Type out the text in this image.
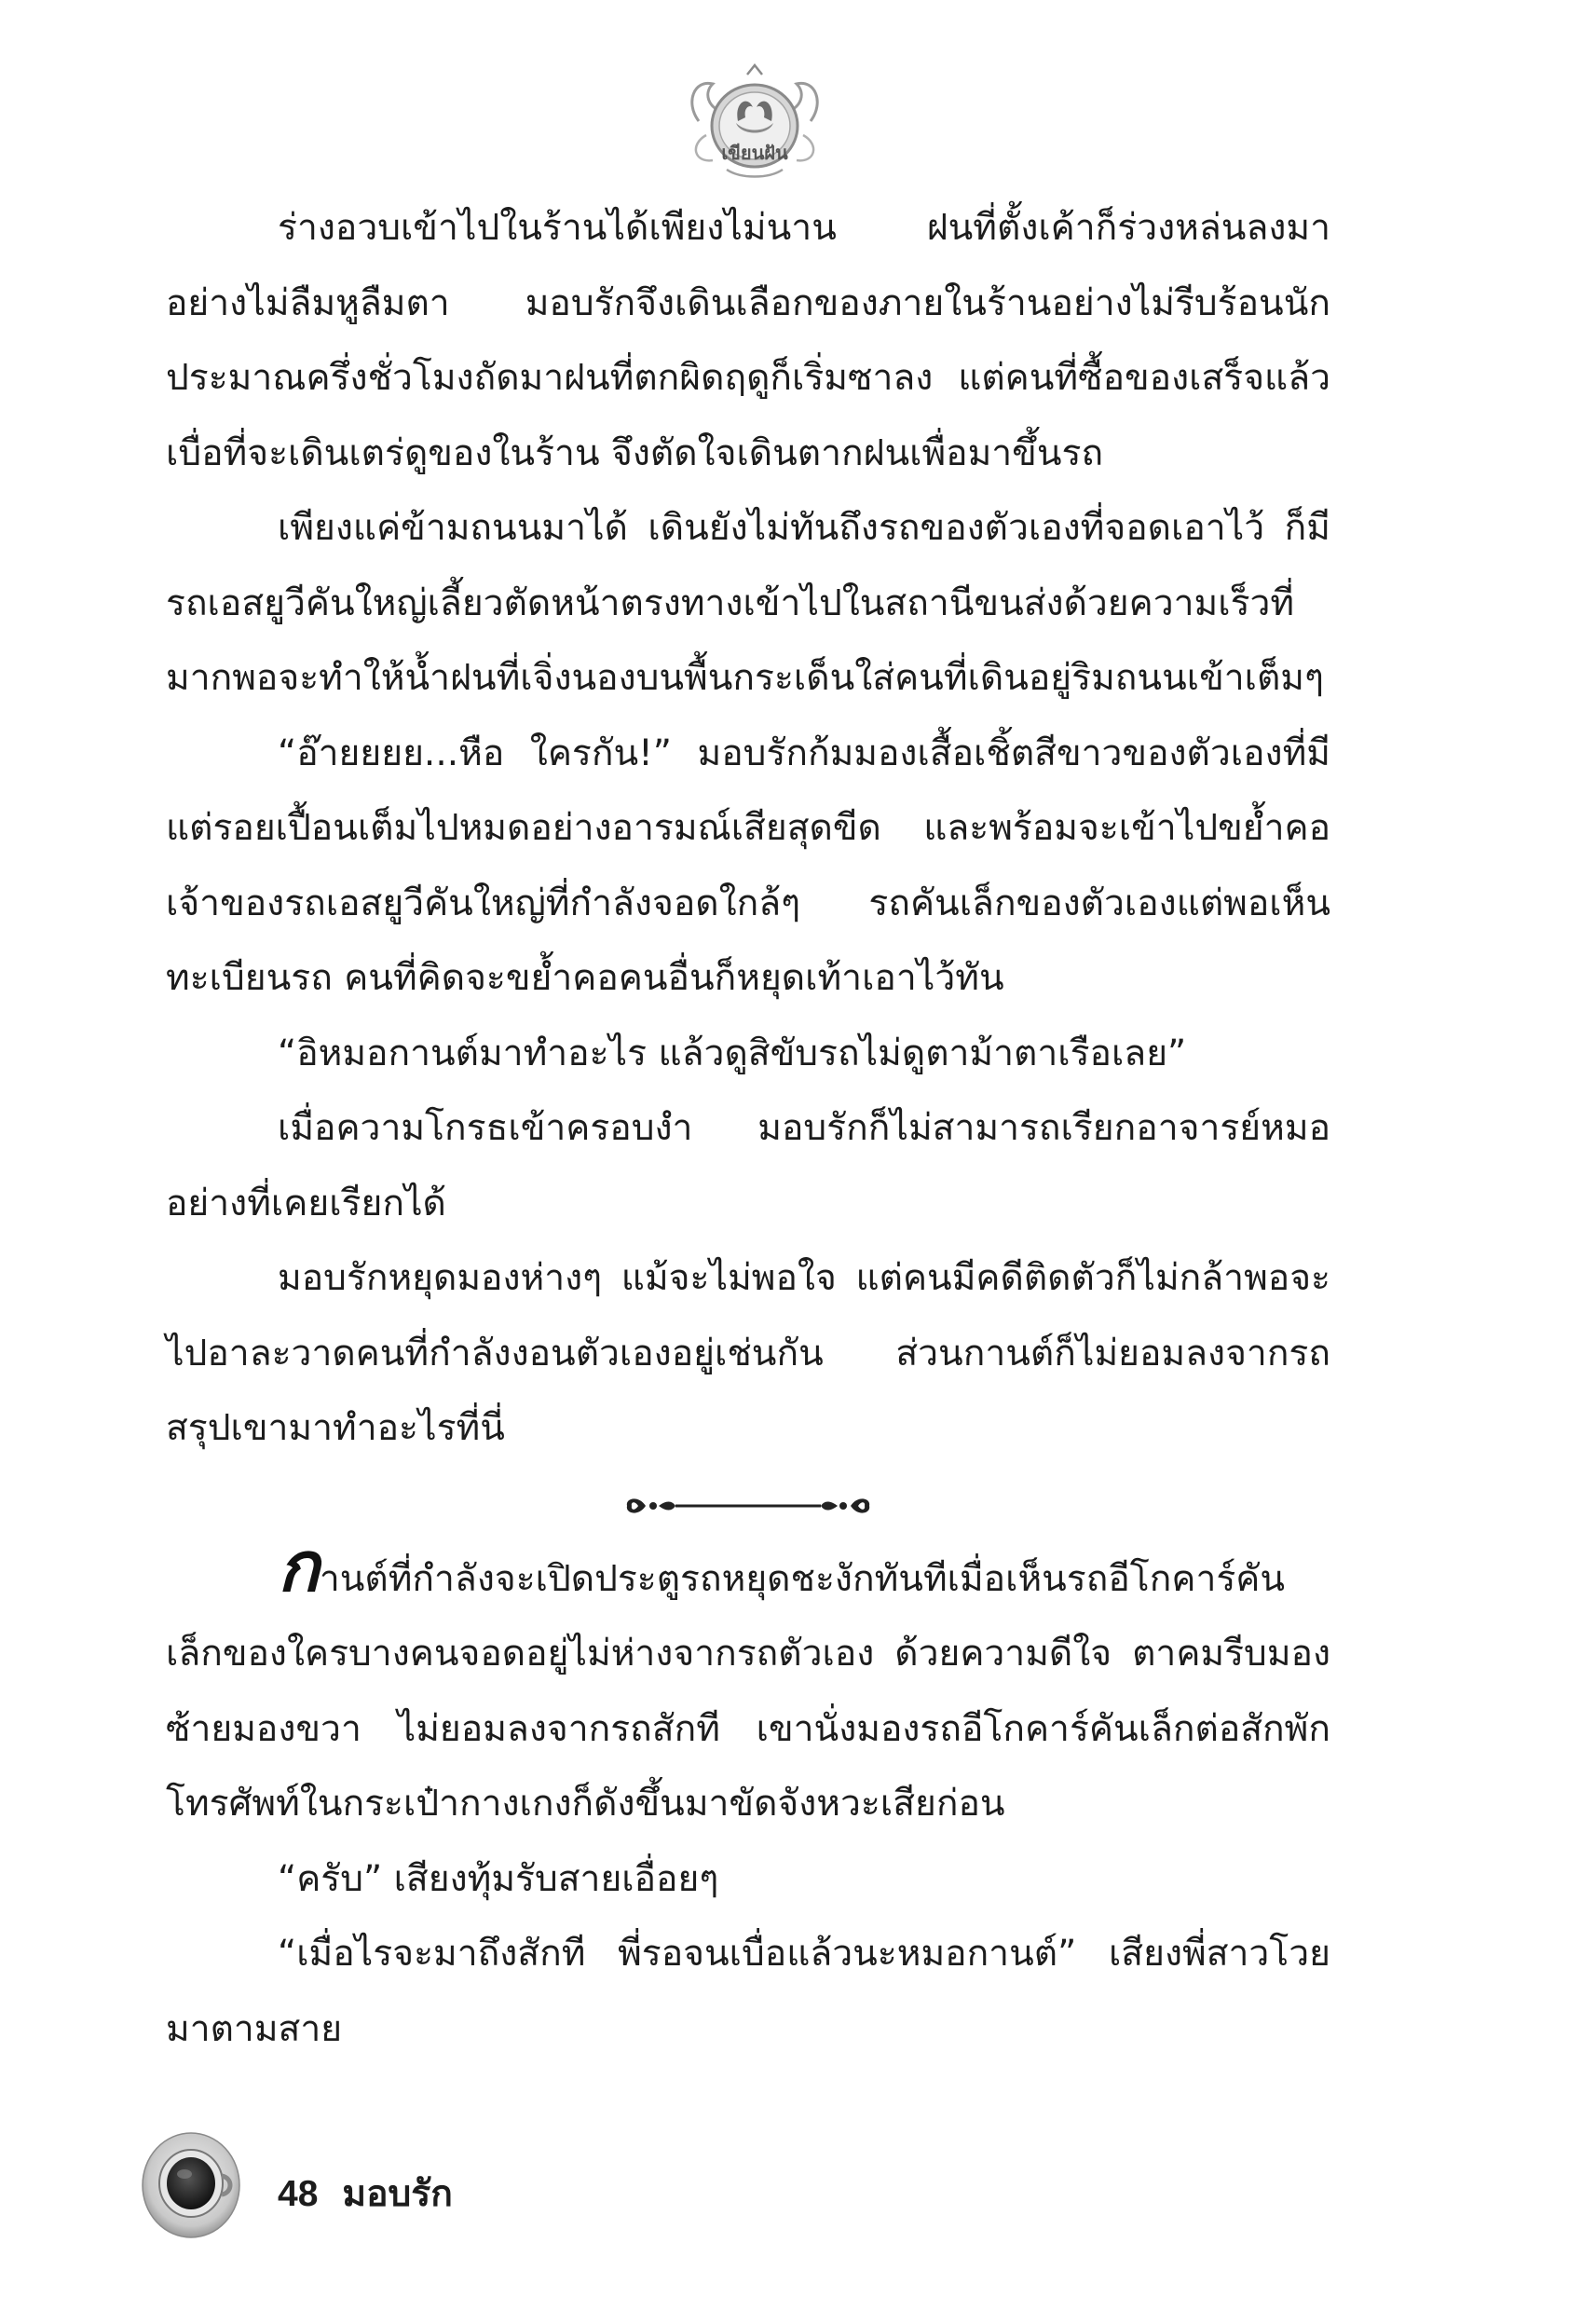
เขียนฝัน

ร่างอวบเข้าไปในร้านได้เพียงไม่นาน ฝนที่ตั้งเค้าก็ร่วงหล่นลงมาอย่างไม่ลืมหูลืมตา มอบรักจึงเดินเลือกของภายในร้านอย่างไม่รีบร้อนนัก ประมาณครึ่งชั่วโมงถัดมาฝนที่ตกผิดฤดูก็เริ่มซาลง แต่คนที่ซื้อของเสร็จแล้วเบื่อที่จะเดินเตร่ดูของในร้าน จึงตัดใจเดินตากฝนเพื่อมาขึ้นรถ

เพียงแค่ข้ามถนนมาได้ เดินยังไม่ทันถึงรถของตัวเองที่จอดเอาไว้ ก็มีรถเอสยูวีคันใหญ่เลี้ยวตัดหน้าตรงทางเข้าไปในสถานีขนส่งด้วยความเร็วที่มากพอจะทำให้น้ำฝนที่เจิ่งนองบนพื้นกระเด็นใส่คนที่เดินอยู่ริมถนนเข้าเต็มๆ

“อ๊ายยยย...หือ ใครกัน!” มอบรักก้มมองเสื้อเชิ้ตสีขาวของตัวเองที่มีแต่รอยเปื้อนเต็มไปหมดอย่างอารมณ์เสียสุดขีด และพร้อมจะเข้าไปขย้ำคอเจ้าของรถเอสยูวีคันใหญ่ที่กำลังจอดใกล้ๆ รถคันเล็กของตัวเองแต่พอเห็นทะเบียนรถ คนที่คิดจะขย้ำคอคนอื่นก็หยุดเท้าเอาไว้ทัน

“อิหมอกานต์มาทำอะไร แล้วดูสิขับรถไม่ดูตาม้าตาเรือเลย”

เมื่อความโกรธเข้าครอบงำ มอบรักก็ไม่สามารถเรียกอาจารย์หมออย่างที่เคยเรียกได้

มอบรักหยุดมองห่างๆ แม้จะไม่พอใจ แต่คนมีคดีติดตัวก็ไม่กล้าพอจะไปอาละวาดคนที่กำลังงอนตัวเองอยู่เช่นกัน ส่วนกานต์ก็ไม่ยอมลงจากรถ สรุปเขามาทำอะไรที่นี่

กานต์ที่กำลังจะเปิดประตูรถหยุดชะงักทันทีเมื่อเห็นรถอีโกคาร์คันเล็กของใครบางคนจอดอยู่ไม่ห่างจากรถตัวเอง ด้วยความดีใจ ตาคมรีบมองซ้ายมองขวา ไม่ยอมลงจากรถสักที เขานั่งมองรถอีโกคาร์คันเล็กต่อสักพัก โทรศัพท์ในกระเป๋ากางเกงก็ดังขึ้นมาขัดจังหวะเสียก่อน

“ครับ” เสียงทุ้มรับสายเอื่อยๆ

“เมื่อไรจะมาถึงสักที พี่รอจนเบื่อแล้วนะหมอกานต์” เสียงพี่สาวโวยมาตามสาย

48 มอบรัก
